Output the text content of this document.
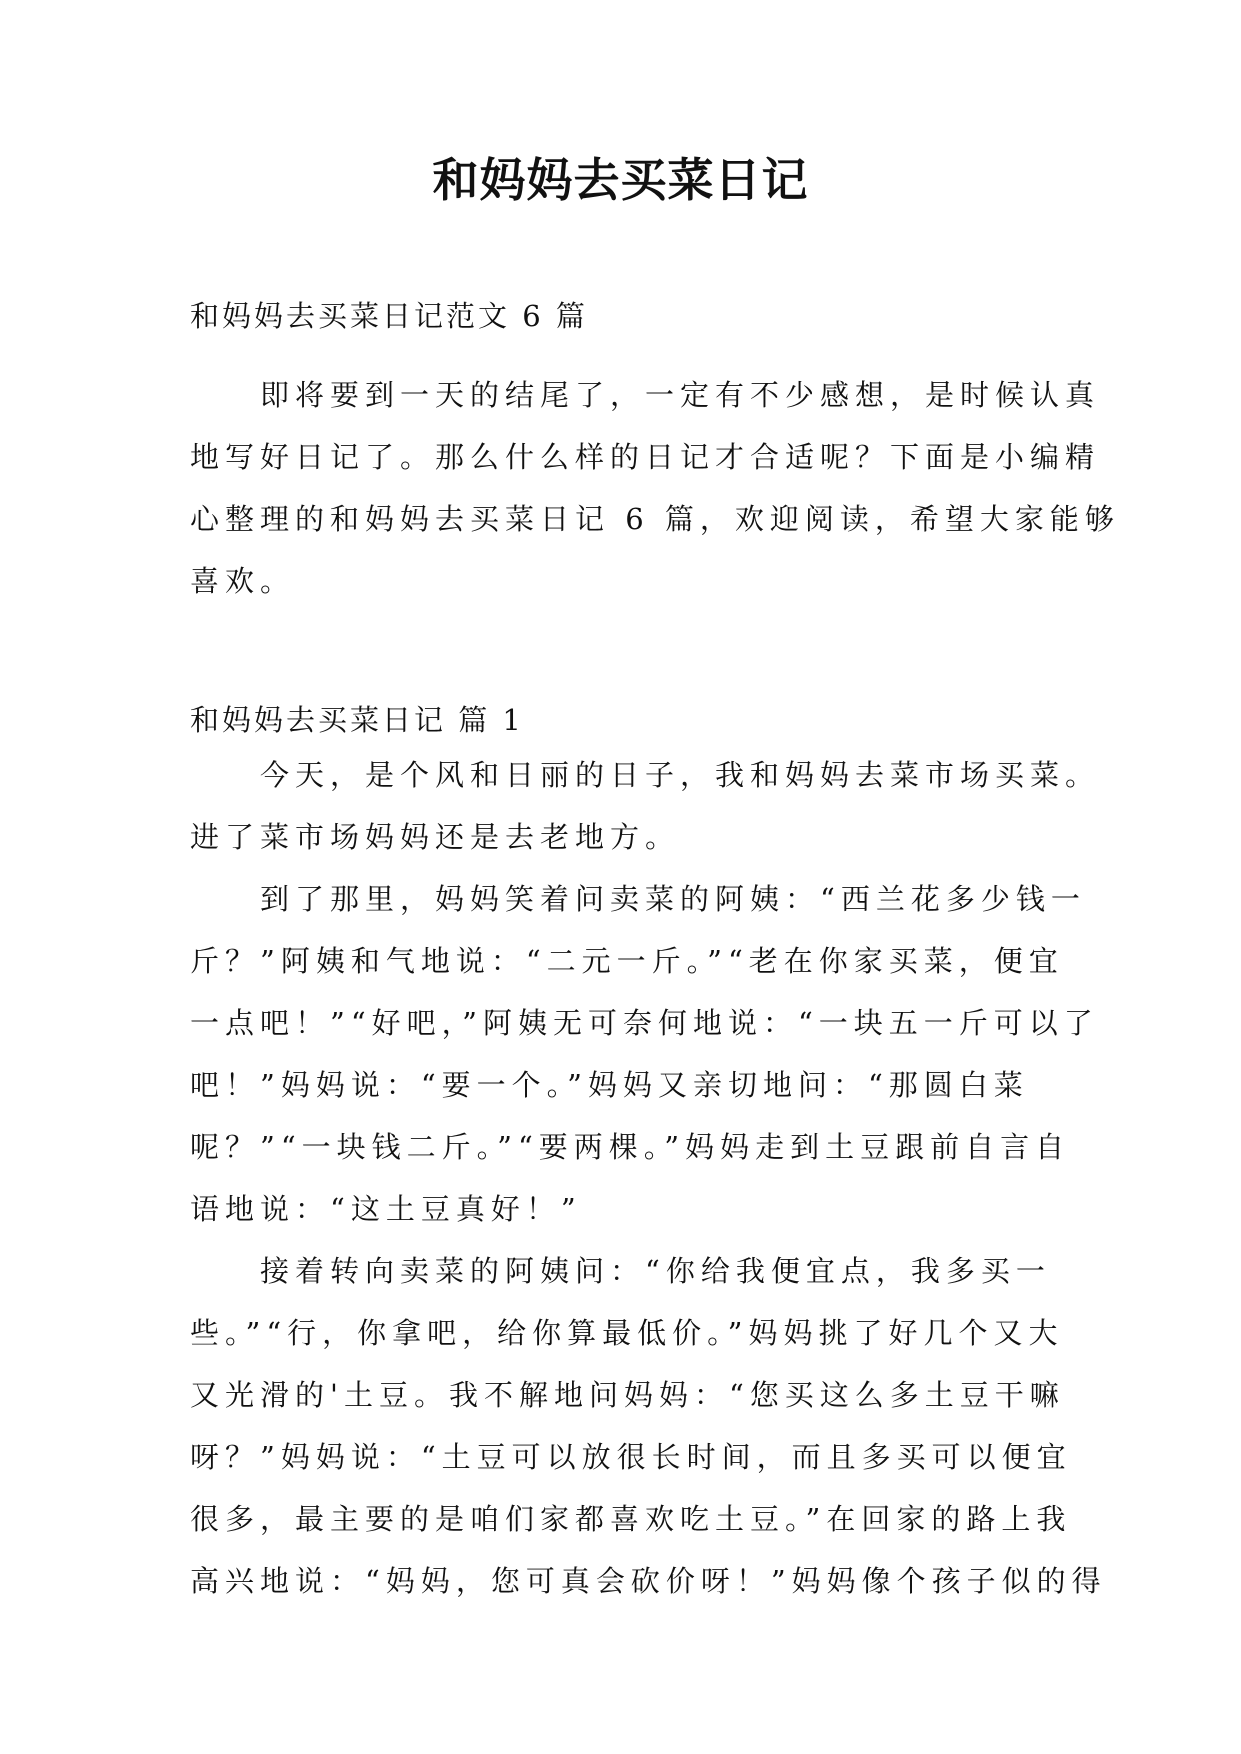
和妈妈去买菜日记
和妈妈去买菜日记范文 6 篇
即将要到一天的结尾了，一定有不少感想，是时候认真
地写好日记了。那么什么样的日记才合适呢？下面是小编精
心整理的和妈妈去买菜日记 6 篇，欢迎阅读，希望大家能够
喜欢。
和妈妈去买菜日记 篇 1
今天，是个风和日丽的日子，我和妈妈去菜市场买菜。
进了菜市场妈妈还是去老地方。
到了那里，妈妈笑着问卖菜的阿姨：“西兰花多少钱一
斤？”阿姨和气地说：“二元一斤。”“老在你家买菜，便宜
一点吧！”“好吧，”阿姨无可奈何地说：“一块五一斤可以了
吧！”妈妈说：“要一个。”妈妈又亲切地问：“那圆白菜
呢？”“一块钱二斤。”“要两棵。”妈妈走到土豆跟前自言自
语地说：“这土豆真好！”
接着转向卖菜的阿姨问：“你给我便宜点，我多买一
些。”“行，你拿吧，给你算最低价。”妈妈挑了好几个又大
又光滑的'土豆。我不解地问妈妈：“您买这么多土豆干嘛
呀？”妈妈说：“土豆可以放很长时间，而且多买可以便宜
很多，最主要的是咱们家都喜欢吃土豆。”在回家的路上我
高兴地说：“妈妈，您可真会砍价呀！”妈妈像个孩子似的得
